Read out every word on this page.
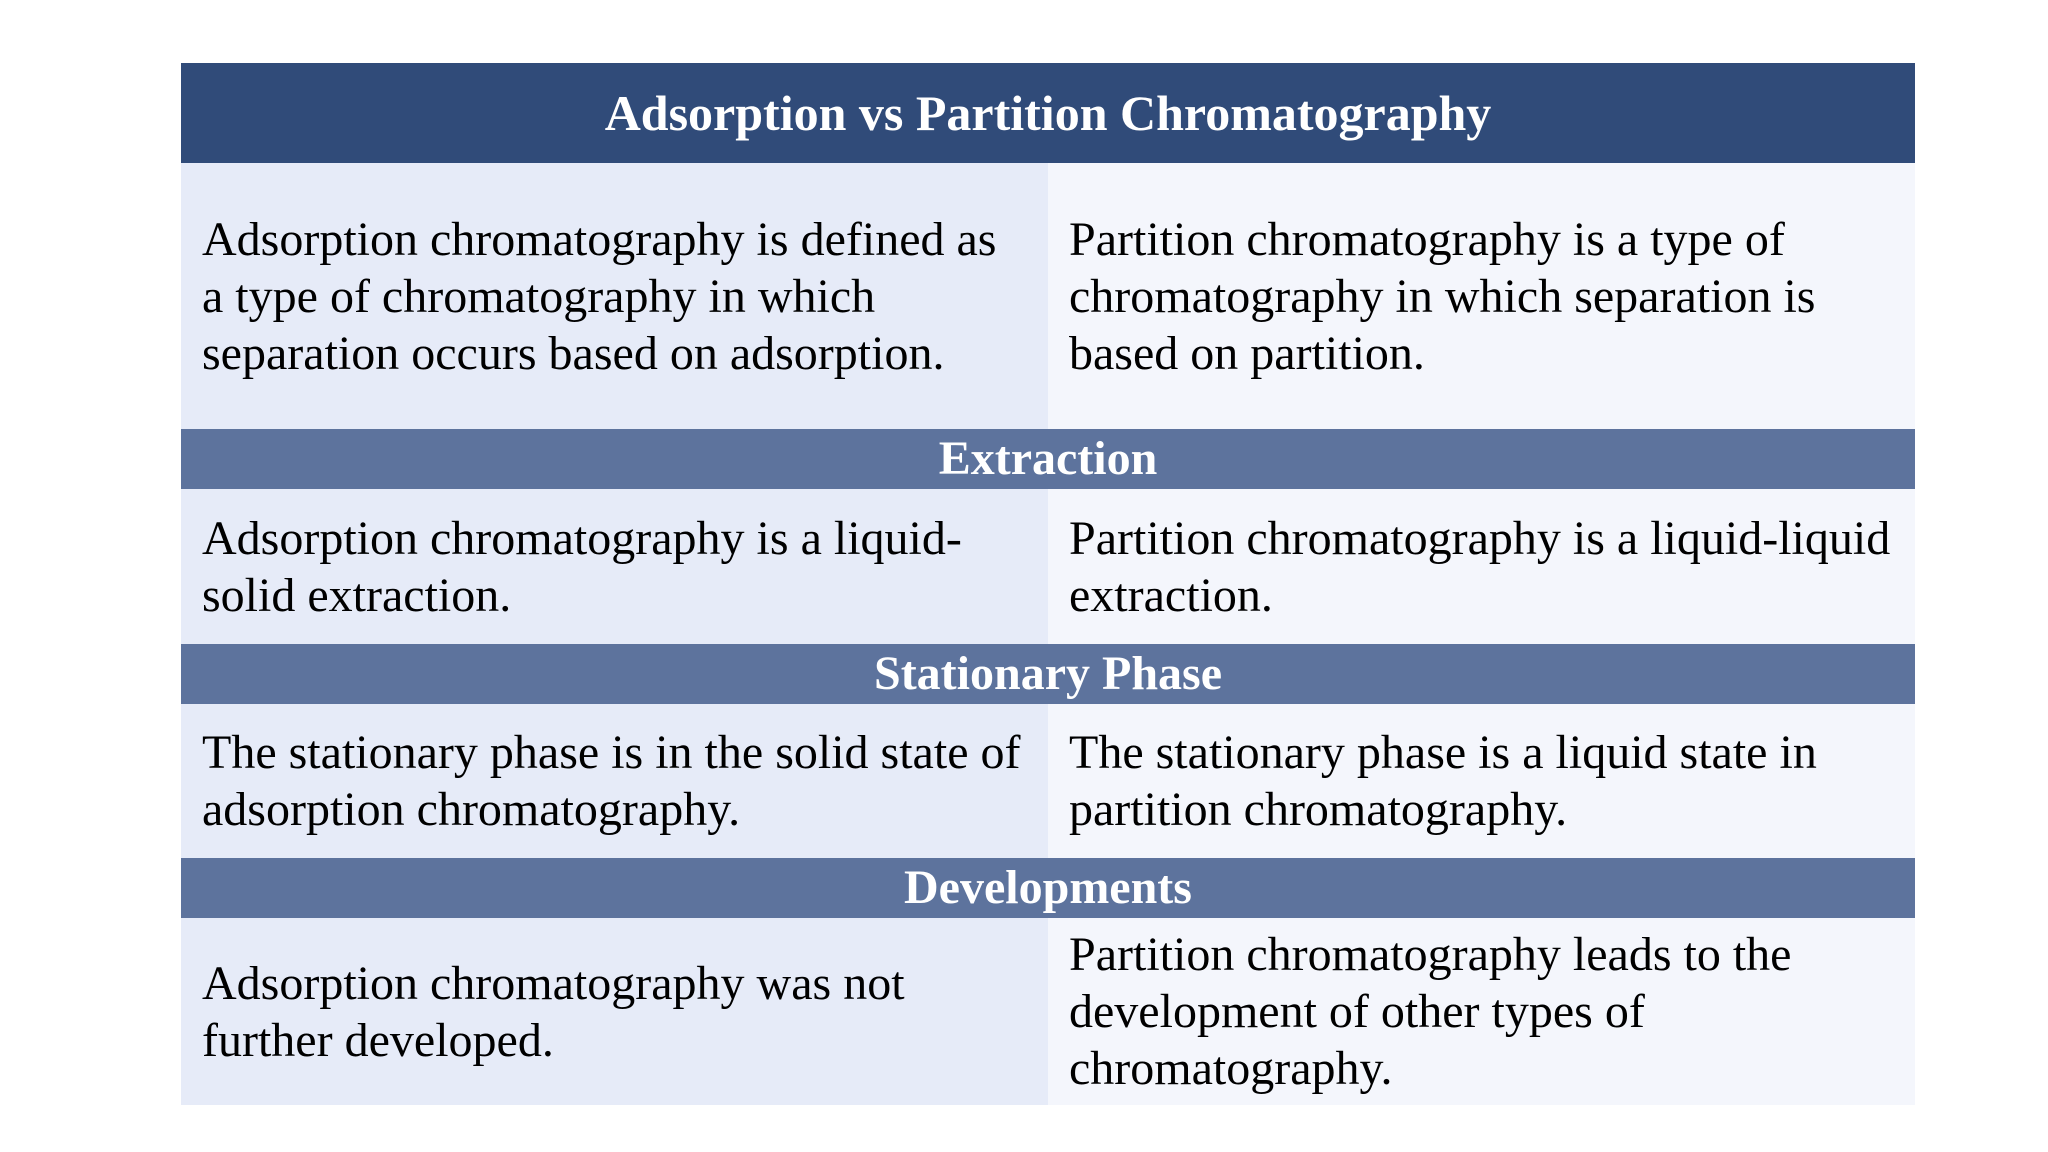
Adsorption vs Partition Chromatography
Adsorption chromatography is defined as a type of chromatography in which separation occurs based on adsorption.
Partition chromatography is a type of chromatography in which separation is based on partition.
Extraction
Adsorption chromatography is a liquid-solid extraction.
Partition chromatography is a liquid-liquid extraction.
Stationary Phase
The stationary phase is in the solid state of adsorption chromatography.
The stationary phase is a liquid state in partition chromatography.
Developments
Adsorption chromatography was not further developed.
Partition chromatography leads to the development of other types of chromatography.
